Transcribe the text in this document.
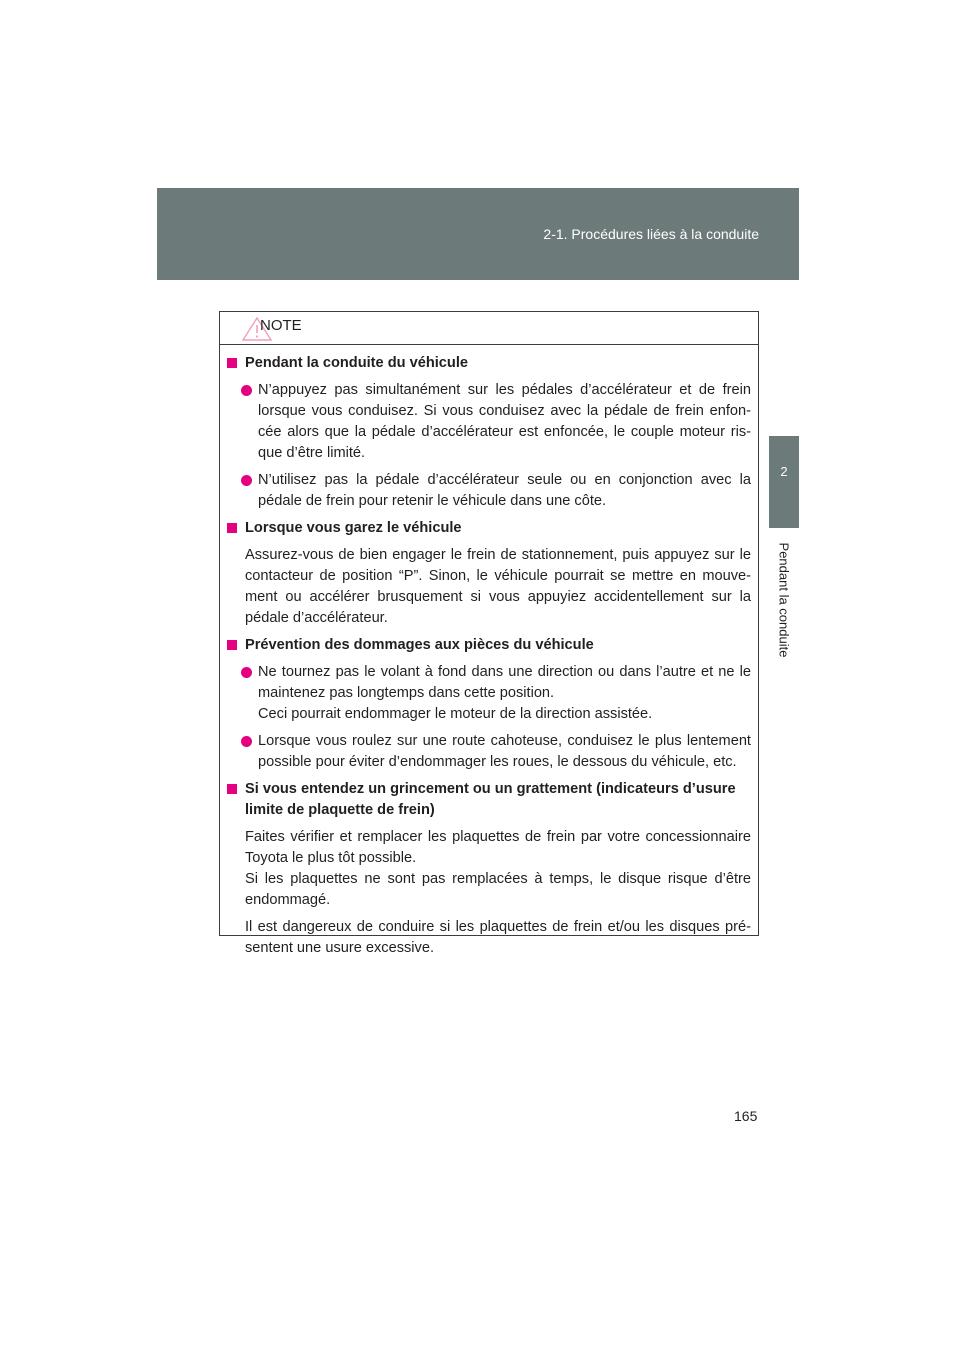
2-1. Procédures liées à la conduite
2
Pendant la conduite
NOTE
Pendant la conduite du véhicule
N’appuyez pas simultanément sur les pédales d’accélérateur et de frein lorsque vous conduisez. Si vous conduisez avec la pédale de frein enfon-cée alors que la pédale d’accélérateur est enfoncée, le couple moteur ris-que d’être limité.
N’utilisez pas la pédale d’accélérateur seule ou en conjonction avec la pédale de frein pour retenir le véhicule dans une côte.
Lorsque vous garez le véhicule
Assurez-vous de bien engager le frein de stationnement, puis appuyez sur le contacteur de position “P”. Sinon, le véhicule pourrait se mettre en mouve-ment ou accélérer brusquement si vous appuyiez accidentellement sur la pédale d’accélérateur.
Prévention des dommages aux pièces du véhicule
Ne tournez pas le volant à fond dans une direction ou dans l’autre et ne le maintenez pas longtemps dans cette position.
Ceci pourrait endommager le moteur de la direction assistée.
Lorsque vous roulez sur une route cahoteuse, conduisez le plus lentement possible pour éviter d’endommager les roues, le dessous du véhicule, etc.
Si vous entendez un grincement ou un grattement (indicateurs d’usure limite de plaquette de frein)
Faites vérifier et remplacer les plaquettes de frein par votre concessionnaire Toyota le plus tôt possible.
Si les plaquettes ne sont pas remplacées à temps, le disque risque d’être endommagé.
Il est dangereux de conduire si les plaquettes de frein et/ou les disques pré-sentent une usure excessive.
165
